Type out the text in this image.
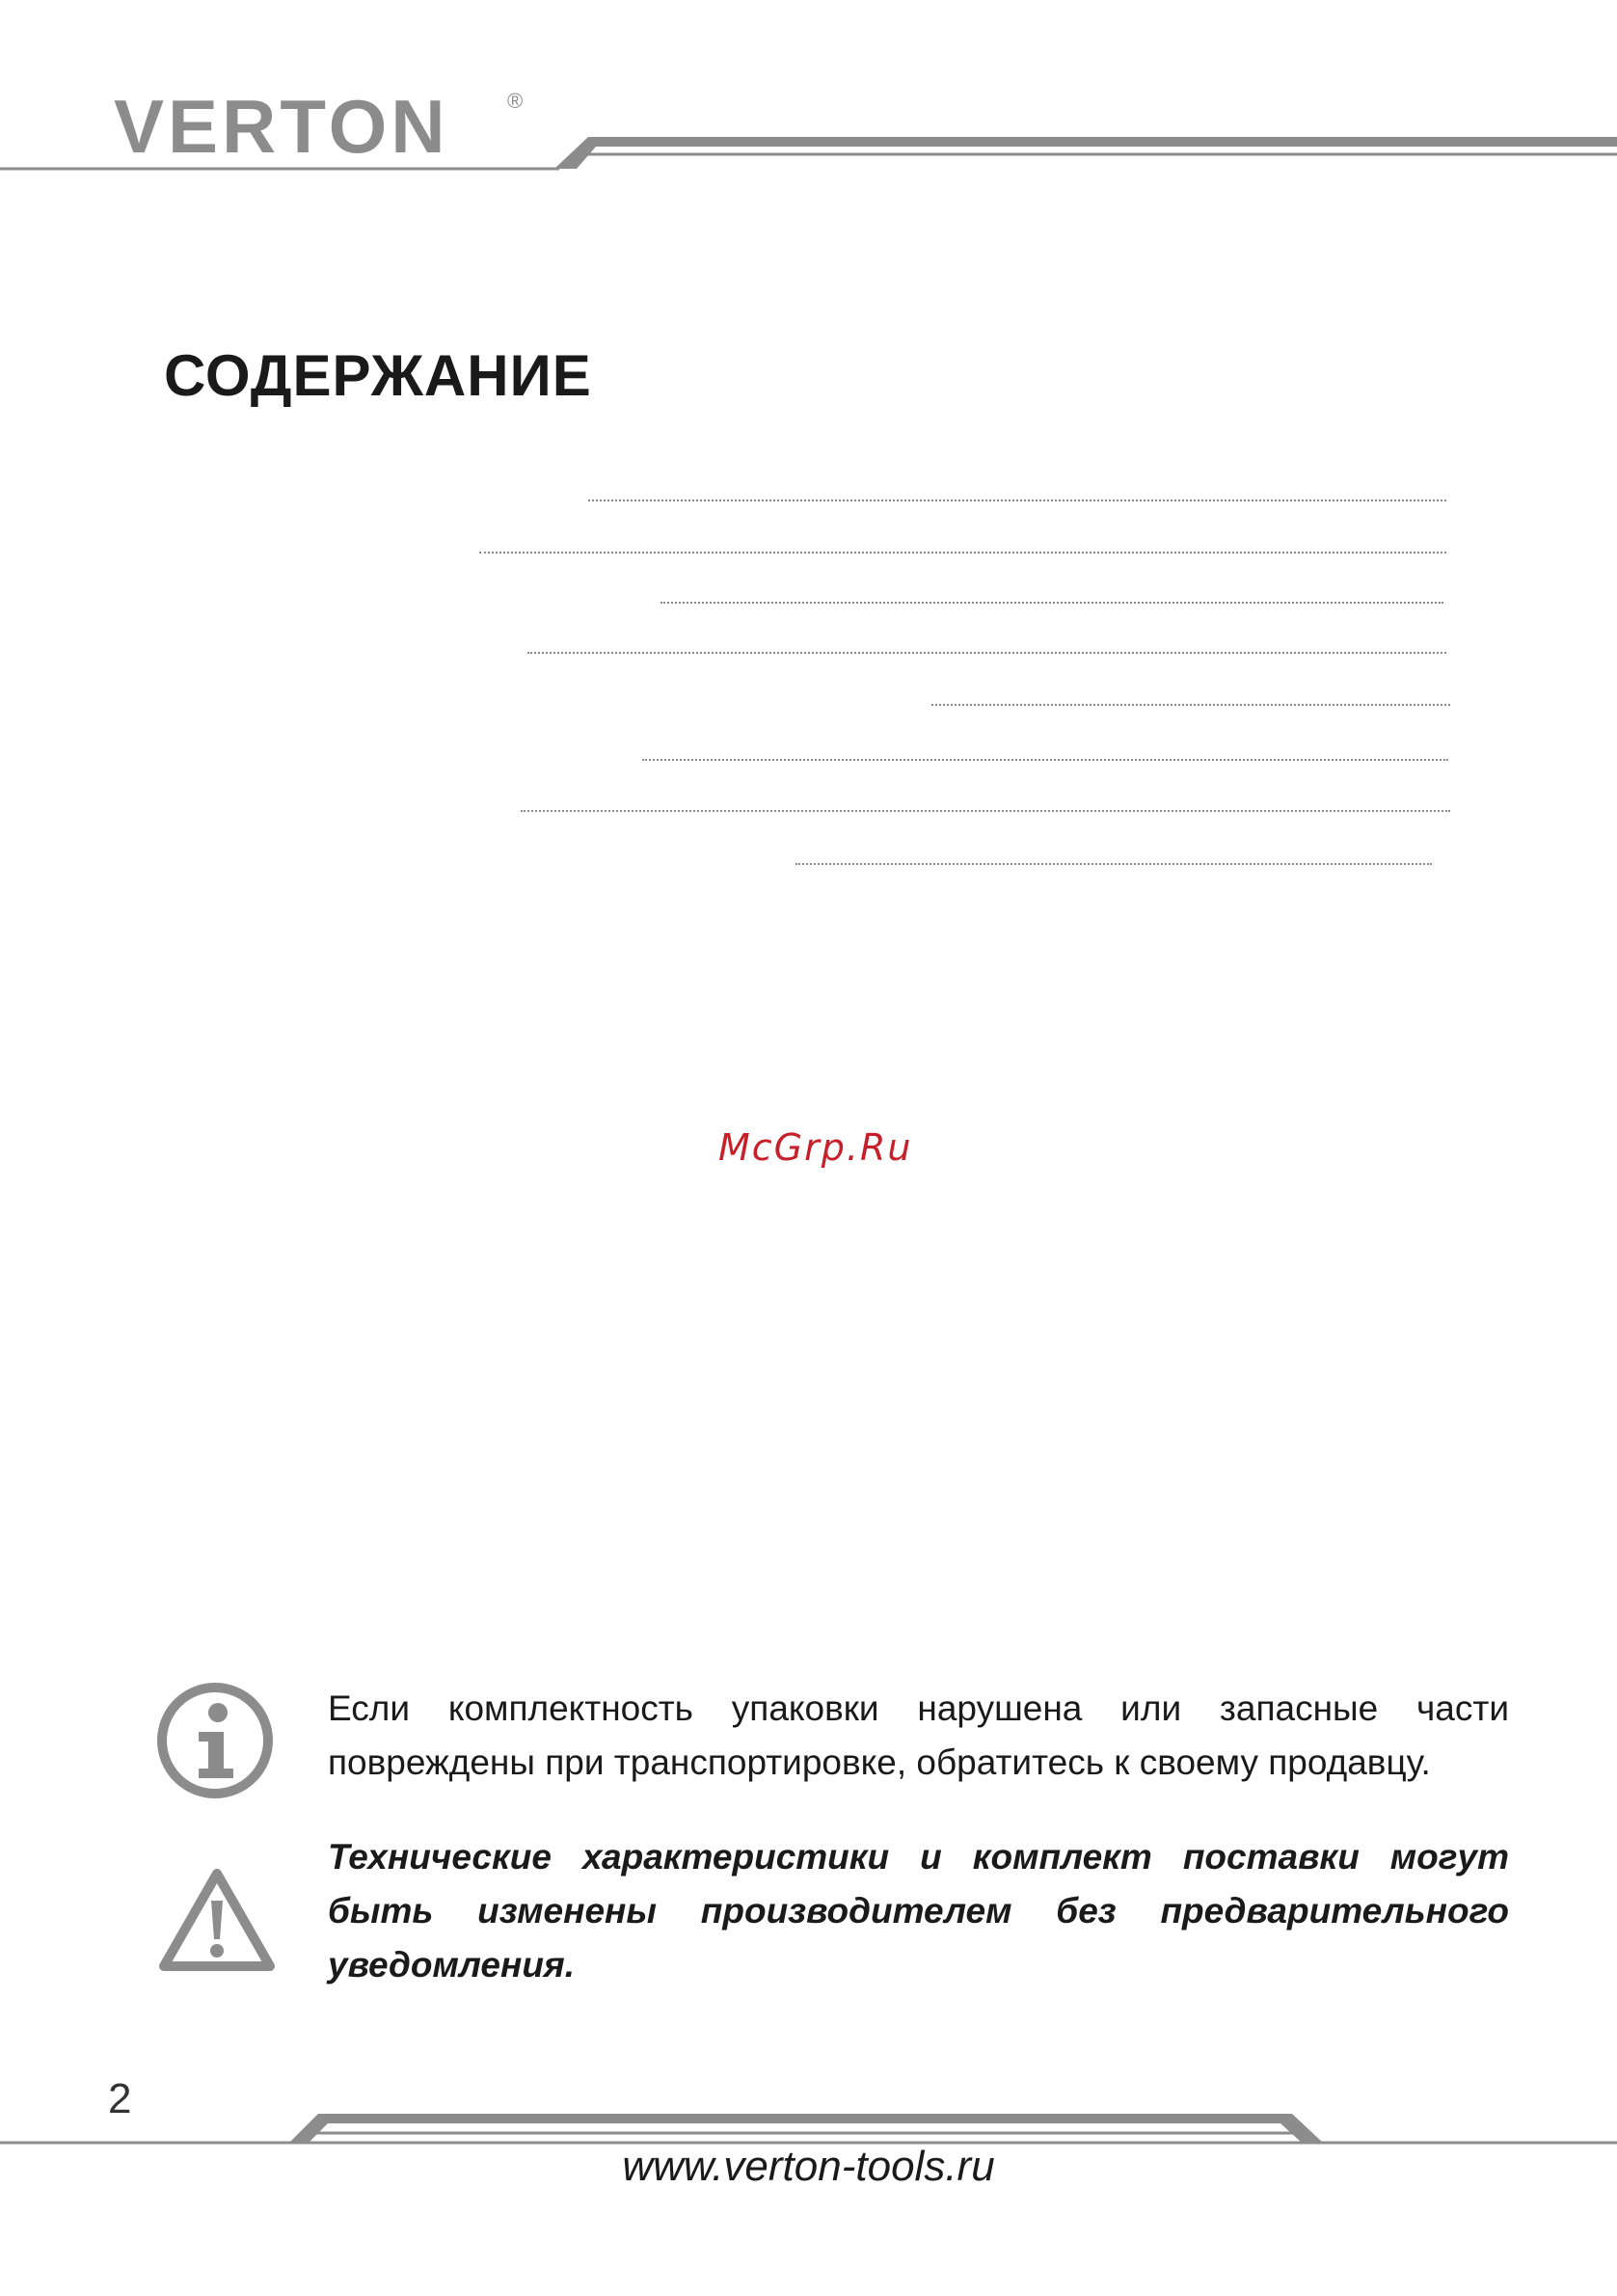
VERTON	®
СОДЕРЖАНИЕ
McGrp.Ru
Если комплектность упаковки нарушена или запасные части повреждены при транспортировке, обратитесь к своему продавцу.
Технические характеристики и комплект поставки могут быть изменены производителем без предварительного уведомления.
2
www.verton-tools.ru
